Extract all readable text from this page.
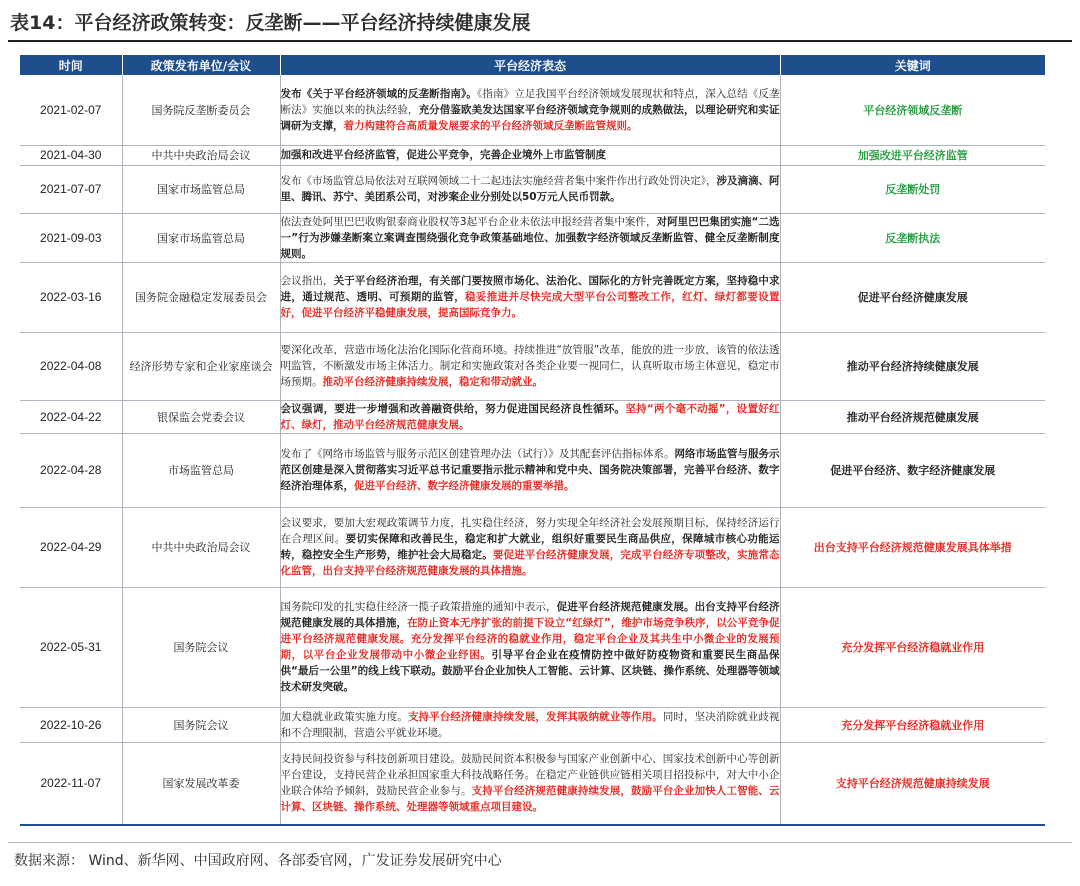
表14：平台经济政策转变：反垄断——平台经济持续健康发展
时间	政策发布单位/会议	平台经济表态	关键词
2021-02-07	国务院反垄断委员会	发布《关于平台经济领域的反垄断指南》。《指南》立足我国平台经济领域发展现状和特点，深入总结《反垄断法》实施以来的执法经验，充分借鉴欧美发达国家平台经济领域竞争规则的成熟做法，以理论研究和实证调研为支撑，着力构建符合高质量发展要求的平台经济领域反垄断监管规则。	平台经济领域反垄断
2021-04-30	中共中央政治局会议	加强和改进平台经济监管，促进公平竞争，完善企业境外上市监管制度	加强改进平台经济监管
2021-07-07	国家市场监管总局	发布《市场监管总局依法对互联网领域二十二起违法实施经营者集中案件作出行政处罚决定》，涉及滴滴、阿里、腾讯、苏宁、美团系公司，对涉案企业分别处以50万元人民币罚款。	反垄断处罚
2021-09-03	国家市场监管总局	依法查处阿里巴巴收购银泰商业股权等3起平台企业未依法申报经营者集中案件，对阿里巴巴集团实施“二选一”行为涉嫌垄断案立案调查围绕强化竞争政策基础地位、加强数字经济领域反垄断监管、健全反垄断制度规则。	反垄断执法
2022-03-16	国务院金融稳定发展委员会	会议指出，关于平台经济治理，有关部门要按照市场化、法治化、国际化的方针完善既定方案，坚持稳中求进，通过规范、透明、可预期的监管，稳妥推进并尽快完成大型平台公司整改工作，红灯、绿灯都要设置好，促进平台经济平稳健康发展，提高国际竞争力。	促进平台经济健康发展
2022-04-08	经济形势专家和企业家座谈会	要深化改革，营造市场化法治化国际化营商环境。持续推进“放管服”改革，能放的进一步放，该管的依法透明监管，不断激发市场主体活力。制定和实施政策对各类企业要一视同仁，认真听取市场主体意见，稳定市场预期。推动平台经济健康持续发展，稳定和带动就业。	推动平台经济持续健康发展
2022-04-22	银保监会党委会议	会议强调，要进一步增强和改善融资供给，努力促进国民经济良性循环。坚持“两个毫不动摇”，设置好红灯、绿灯，推动平台经济规范健康发展。	推动平台经济规范健康发展
2022-04-28	市场监管总局	发布了《网络市场监管与服务示范区创建管理办法（试行）》及其配套评估指标体系。网络市场监管与服务示范区创建是深入贯彻落实习近平总书记重要指示批示精神和党中央、国务院决策部署，完善平台经济、数字经济治理体系，促进平台经济、数字经济健康发展的重要举措。	促进平台经济、数字经济健康发展
2022-04-29	中共中央政治局会议	会议要求，要加大宏观政策调节力度，扎实稳住经济，努力实现全年经济社会发展预期目标，保持经济运行在合理区间。要切实保障和改善民生，稳定和扩大就业，组织好重要民生商品供应，保障城市核心功能运转，稳控安全生产形势，维护社会大局稳定。要促进平台经济健康发展，完成平台经济专项整改，实施常态化监管，出台支持平台经济规范健康发展的具体措施。	出台支持平台经济规范健康发展具体举措
2022-05-31	国务院会议	国务院印发的扎实稳住经济一揽子政策措施的通知中表示，促进平台经济规范健康发展。出台支持平台经济规范健康发展的具体措施，在防止资本无序扩张的前提下设立“红绿灯”，维护市场竞争秩序，以公平竞争促进平台经济规范健康发展。充分发挥平台经济的稳就业作用，稳定平台企业及其共生中小微企业的发展预期，以平台企业发展带动中小微企业纾困。引导平台企业在疫情防控中做好防疫物资和重要民生商品保供“最后一公里”的线上线下联动。鼓励平台企业加快人工智能、云计算、区块链、操作系统、处理器等领域技术研发突破。	充分发挥平台经济稳就业作用
2022-10-26	国务院会议	加大稳就业政策实施力度。支持平台经济健康持续发展，发挥其吸纳就业等作用。同时，坚决消除就业歧视和不合理限制，营造公平就业环境。	充分发挥平台经济稳就业作用
2022-11-07	国家发展改革委	支持民间投资参与科技创新项目建设。鼓励民间资本积极参与国家产业创新中心、国家技术创新中心等创新平台建设，支持民营企业承担国家重大科技战略任务。在稳定产业链供应链相关项目招投标中，对大中小企业联合体给予倾斜，鼓励民营企业参与。支持平台经济规范健康持续发展，鼓励平台企业加快人工智能、云计算、区块链、操作系统、处理器等领域重点项目建设。	支持平台经济规范健康持续发展
数据来源： Wind、新华网、中国政府网、各部委官网，广发证券发展研究中心
